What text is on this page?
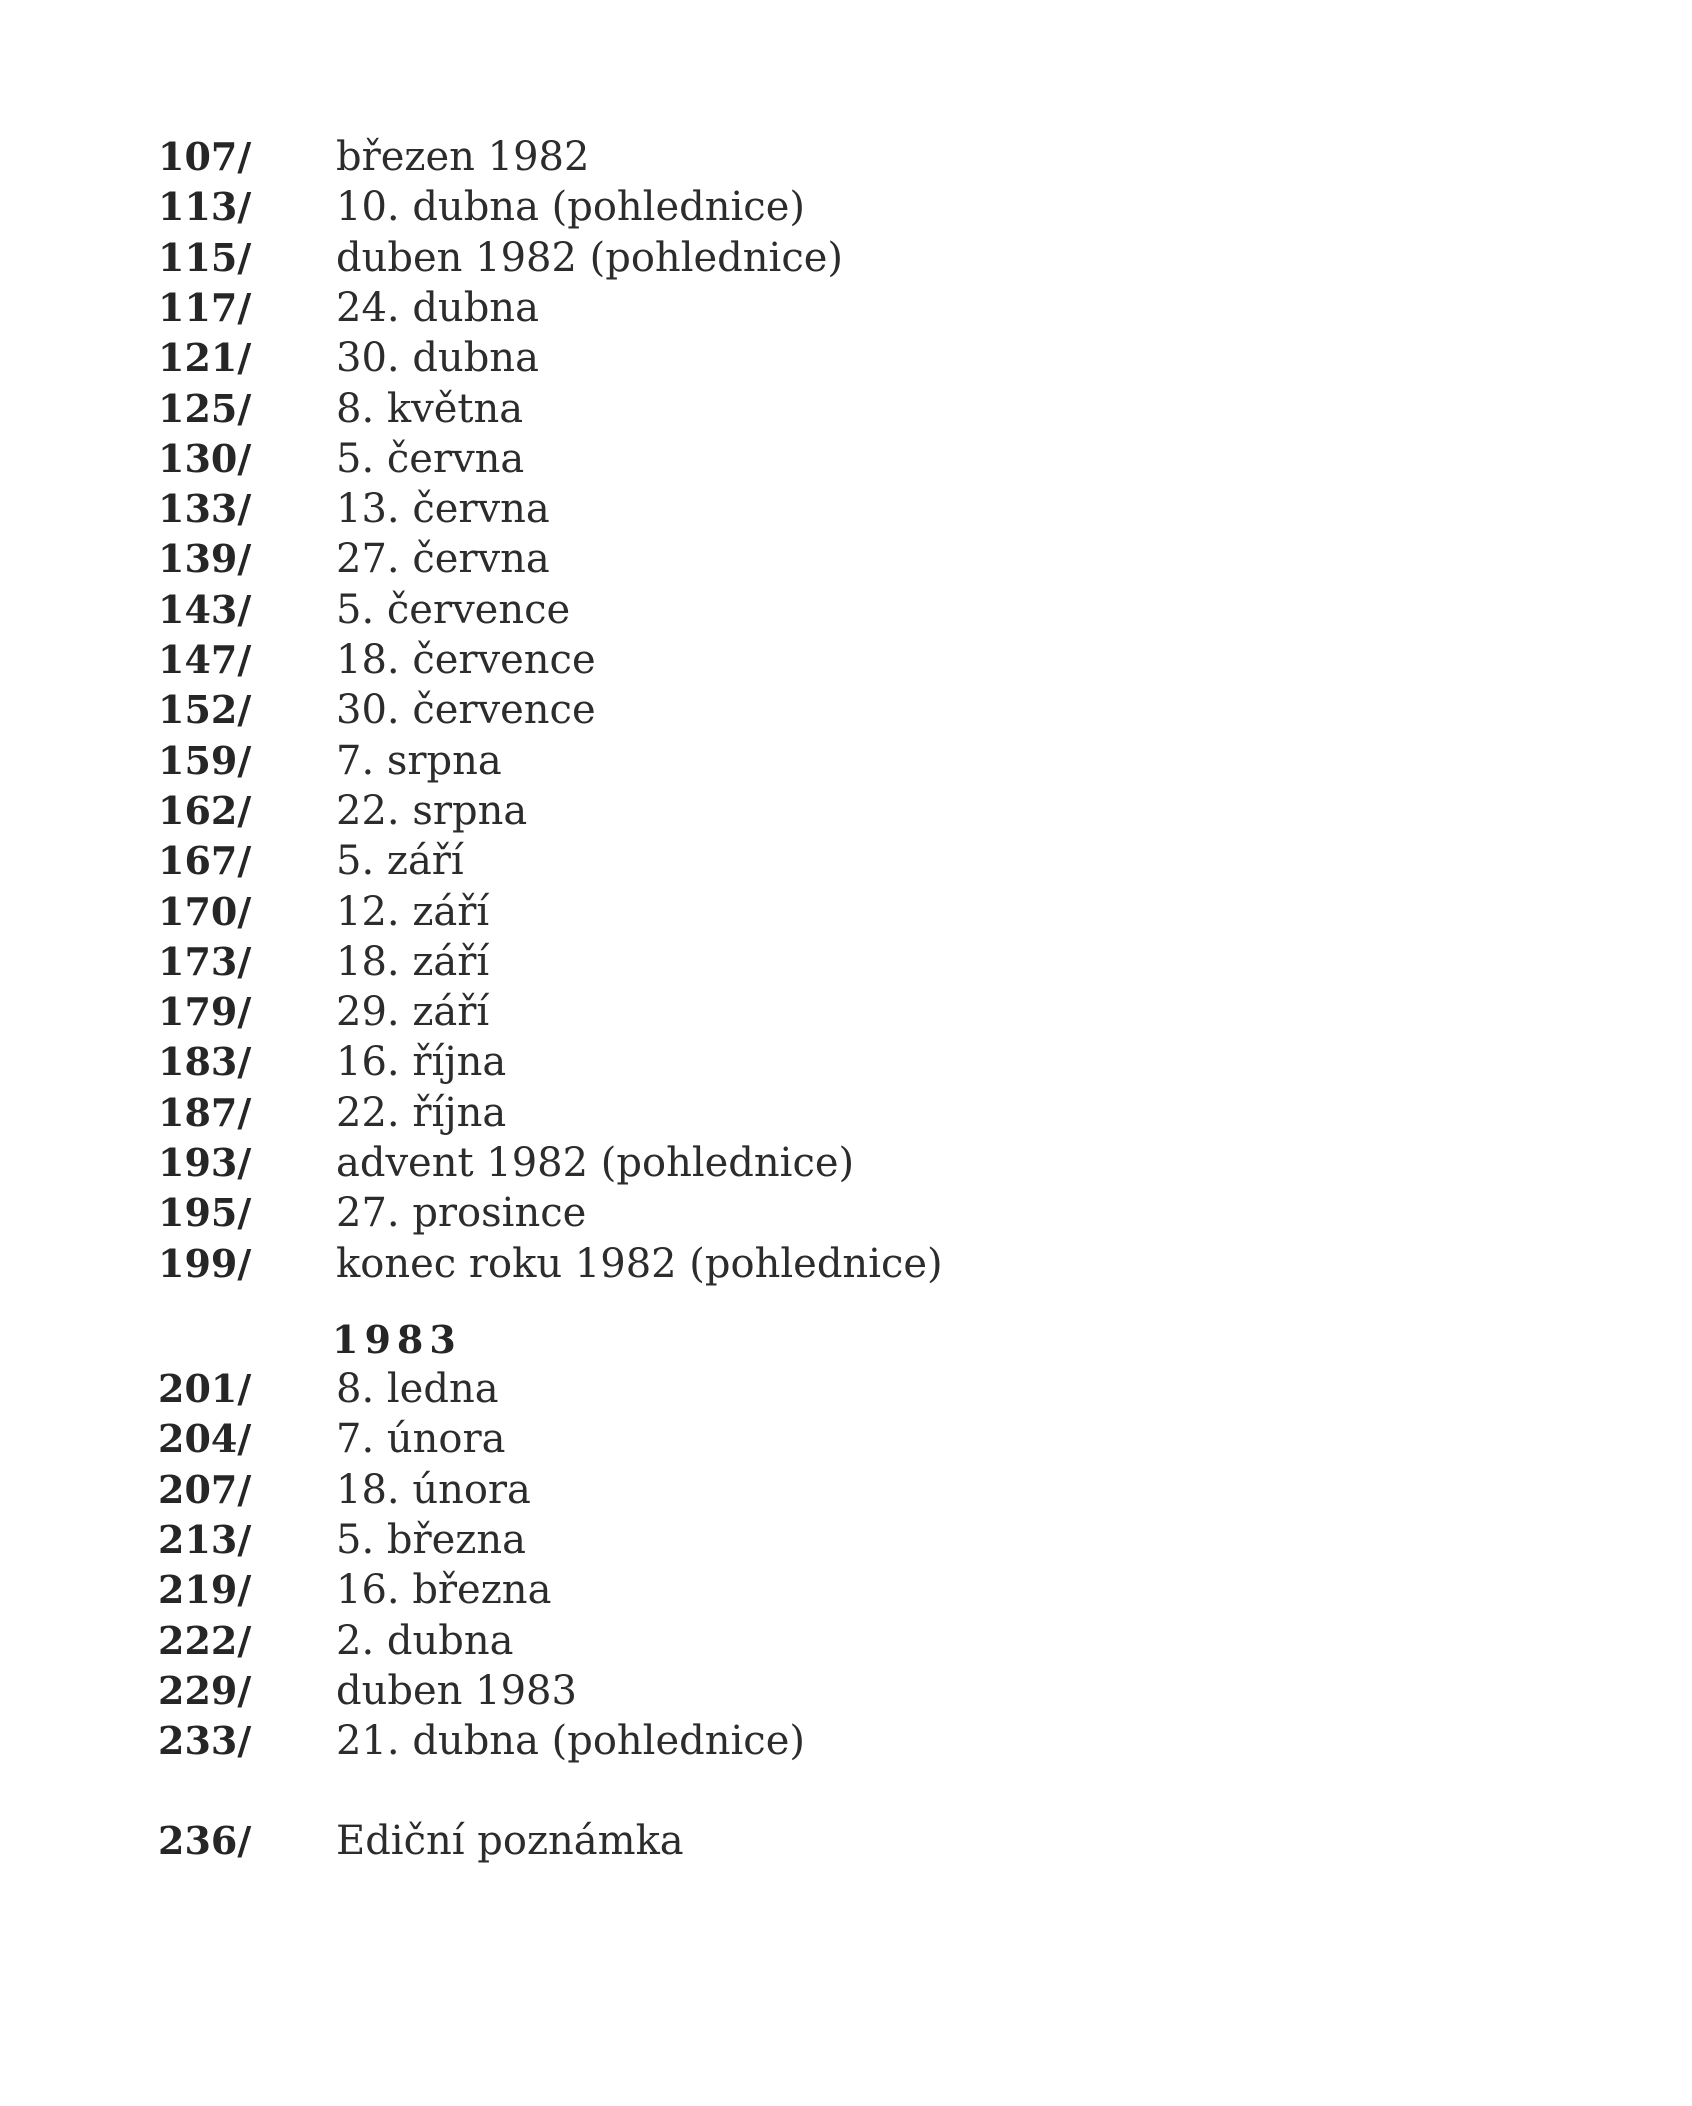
107/ březen 1982
113/ 10. dubna (pohlednice)
115/ duben 1982 (pohlednice)
117/ 24. dubna
121/ 30. dubna
125/ 8. května
130/ 5. června
133/ 13. června
139/ 27. června
143/ 5. července
147/ 18. července
152/ 30. července
159/ 7. srpna
162/ 22. srpna
167/ 5. září
170/ 12. září
173/ 18. září
179/ 29. září
183/ 16. října
187/ 22. října
193/ advent 1982 (pohlednice)
195/ 27. prosince
199/ konec roku 1982 (pohlednice)
1983
201/ 8. ledna
204/ 7. února
207/ 18. února
213/ 5. března
219/ 16. března
222/ 2. dubna
229/ duben 1983
233/ 21. dubna (pohlednice)
236/ Ediční poznámka
